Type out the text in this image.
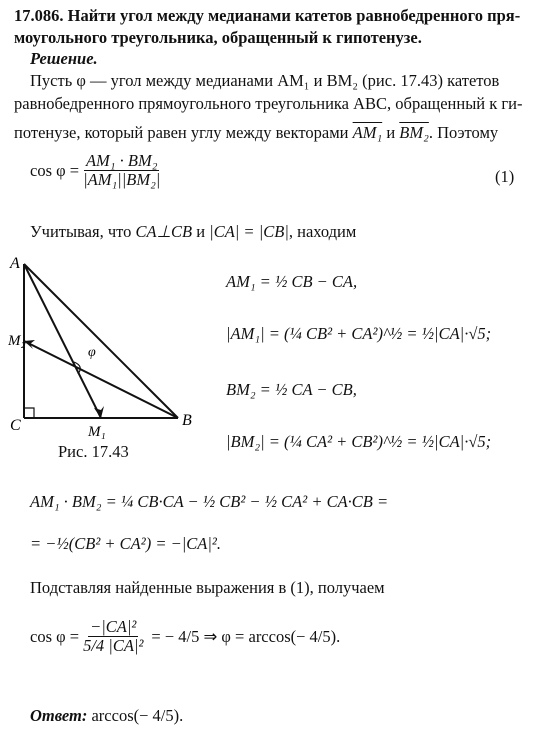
17.086. Найти угол между медианами катетов равнобедренного пря-
моугольного треугольника, обращенный к гипотенузе.
Решение.
Пусть φ — угол между медианами AM₁ и BM₂ (рис. 17.43) катетов
равнобедренного прямоугольного треугольника ABC, обращенный к ги-
потенузе, который равен углу между векторами AM₁ и BM₂. Поэтому
$\cos \varphi = \frac{\text{AM₁ · BM₂}}{\text{|AM₁||BM₂|}}$	(1)
Учитывая, что CA⊥CB и |CA| = |CB|, находим
A
B
C	M₁
M₂
φ
Рис. 17.43
AM₁ = ½ CB − CA,
|AM₁| = (¼ CB² + CA²)^½ = ½|CA|·√5;
BM₂ = ½ CA − CB,
|BM₂| = (¼ CA² + CB²)^½ = ½|CA|·√5;
AM₁ · BM₂ = ¼ CB·CA − ½ CB² − ½ CA² + CA·CB =
= −½(CB² + CA²) = −|CA|².
Подставляя найденные выражения в (1), получаем
$\cos \varphi = \frac{\text{−|CA|²}}{\text{5/4 |CA|²}}$ = − 4/5 ⇒ φ = arccos(− 4/5).
Ответ: arccos(− 4/5).
